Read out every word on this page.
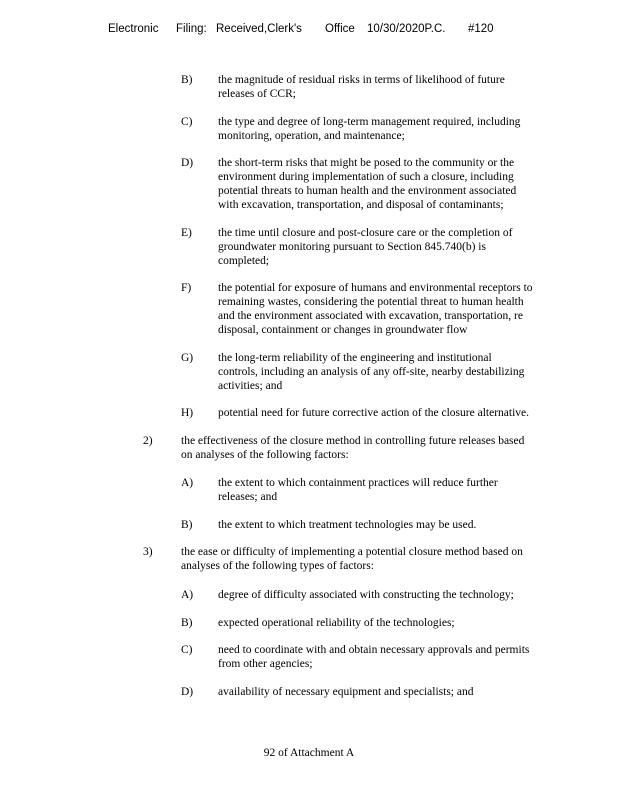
Electronic Filing: Received,Clerk's Office 10/30/2020P.C. #120
B) the magnitude of residual risks in terms of likelihood of future
releases of CCR;
C) the type and degree of long-term management required, including
monitoring, operation, and maintenance;
D) the short-term risks that might be posed to the community or the
environment during implementation of such a closure, including
potential threats to human health and the environment associated
with excavation, transportation, and disposal of contaminants;
E) the time until closure and post-closure care or the completion of
groundwater monitoring pursuant to Section 845.740(b) is
completed;
F) the potential for exposure of humans and environmental receptors to
remaining wastes, considering the potential threat to human health
and the environment associated with excavation, transportation, re
disposal, containment or changes in groundwater flow
G) the long-term reliability of the engineering and institutional
controls, including an analysis of any off-site, nearby destabilizing
activities; and
H) potential need for future corrective action of the closure alternative.
2) the effectiveness of the closure method in controlling future releases based
on analyses of the following factors:
A) the extent to which containment practices will reduce further
releases; and
B) the extent to which treatment technologies may be used.
3) the ease or difficulty of implementing a potential closure method based on
analyses of the following types of factors:
A) degree of difficulty associated with constructing the technology;
B) expected operational reliability of the technologies;
C) need to coordinate with and obtain necessary approvals and permits
from other agencies;
D) availability of necessary equipment and specialists; and
92 of Attachment A
